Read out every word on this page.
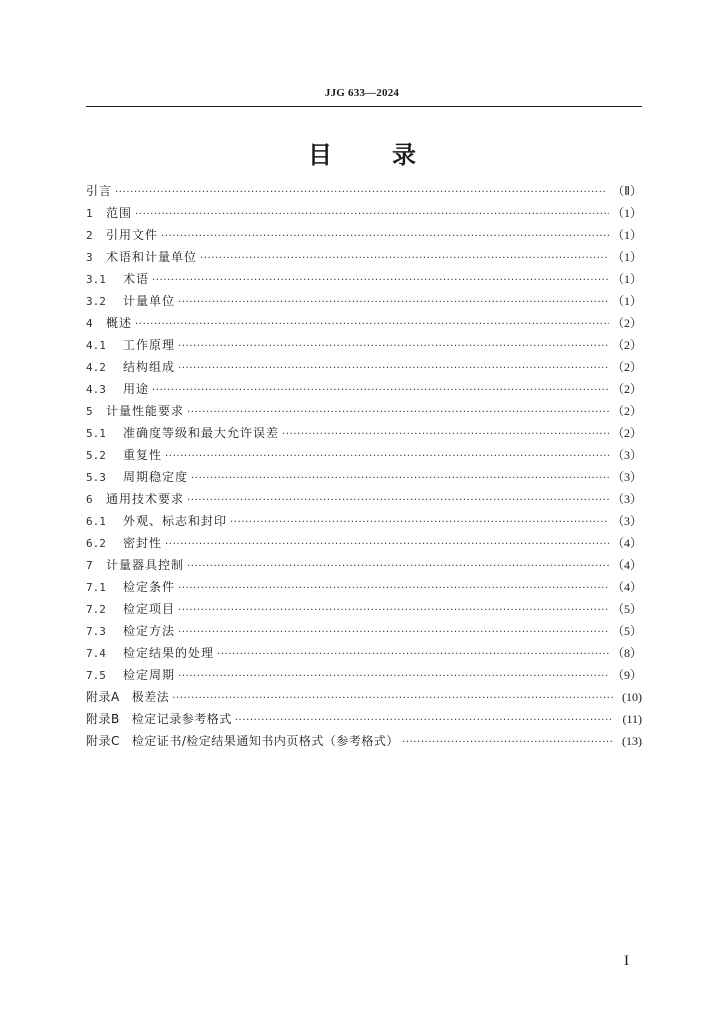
JJG 633—2024
目	录
引言 ·····	（Ⅱ）
1	范围 ·····	（1）
2	引用文件 ·····	（1）
3	术语和计量单位 ·····	（1）
3.1	术语 ·····	（1）
3.2	计量单位 ·····	（1）
4	概述 ·····	（2）
4.1	工作原理 ·····	（2）
4.2	结构组成 ·····	（2）
4.3	用途 ·····	（2）
5	计量性能要求 ·····	（2）
5.1	准确度等级和最大允许误差 ·····	（2）
5.2	重复性 ·····	（3）
5.3	周期稳定度 ·····	（3）
6	通用技术要求 ·····	（3）
6.1	外观、标志和封印 ·····	（3）
6.2	密封性 ·····	（4）
7	计量器具控制 ·····	（4）
7.1	检定条件 ·····	（4）
7.2	检定项目 ·····	（5）
7.3	检定方法 ·····	（5）
7.4	检定结果的处理 ·····	（8）
7.5	检定周期 ·····	（9）
附录A 极差法 ·····	(10)
附录B 检定记录参考格式 ·····	(11)
附录C 检定证书/检定结果通知书内页格式（参考格式） ·····	(13)
I
